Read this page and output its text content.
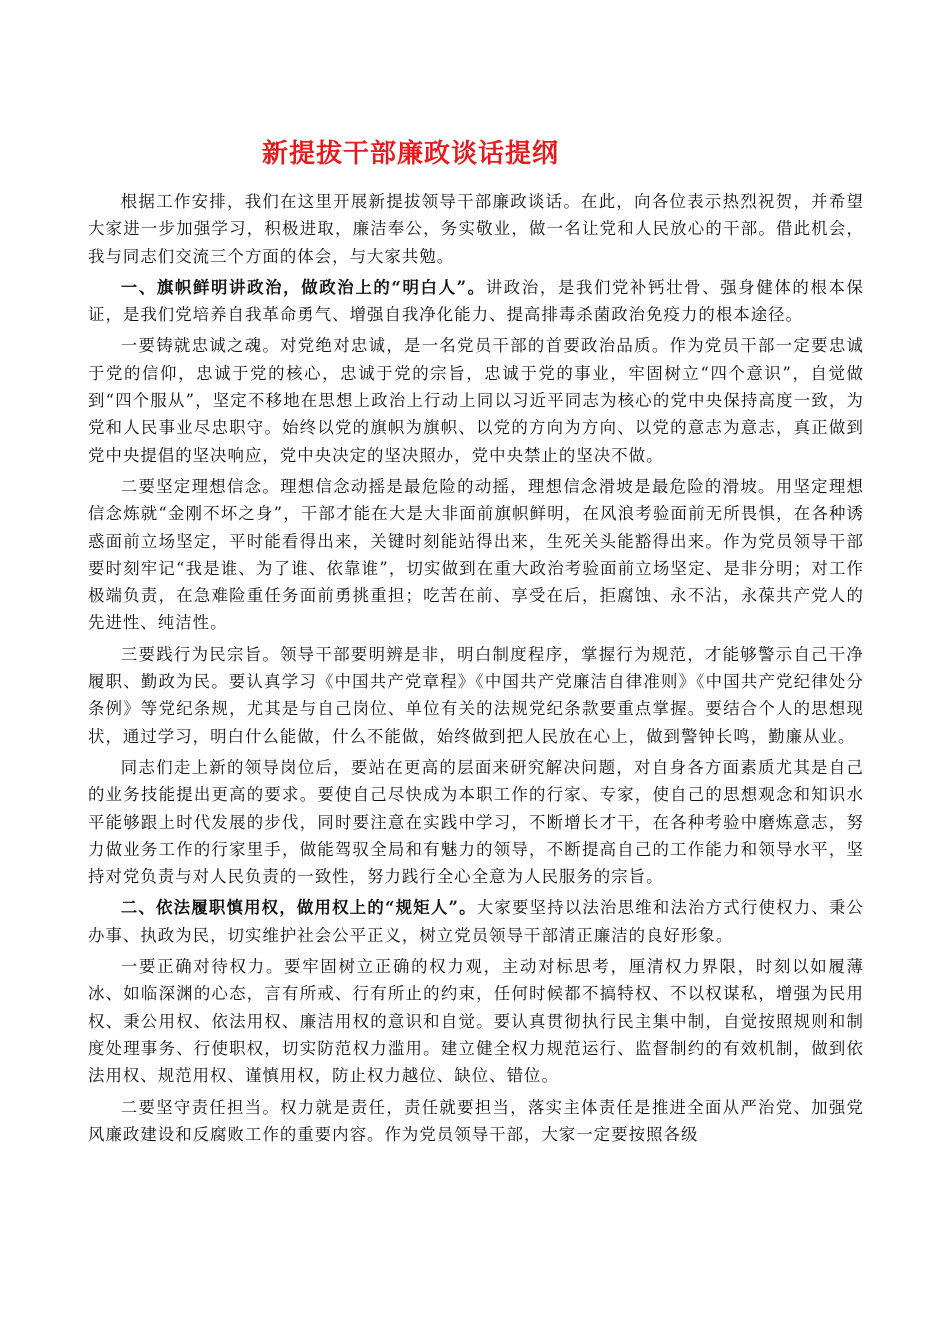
新提拔干部廉政谈话提纲

根据工作安排，我们在这里开展新提拔领导干部廉政谈话。在此，向各位表示热烈祝贺，并希望大家进一步加强学习，积极进取，廉洁奉公，务实敬业，做一名让党和人民放心的干部。借此机会，我与同志们交流三个方面的体会，与大家共勉。

一、旗帜鲜明讲政治，做政治上的“明白人”。讲政治，是我们党补钙壮骨、强身健体的根本保证，是我们党培养自我革命勇气、增强自我净化能力、提高排毒杀菌政治免疫力的根本途径。

一要铸就忠诚之魂。对党绝对忠诚，是一名党员干部的首要政治品质。作为党员干部一定要忠诚于党的信仰，忠诚于党的核心，忠诚于党的宗旨，忠诚于党的事业，牢固树立“四个意识”，自觉做到“四个服从”，坚定不移地在思想上政治上行动上同以习近平同志为核心的党中央保持高度一致，为党和人民事业尽忠职守。始终以党的旗帜为旗帜、以党的方向为方向、以党的意志为意志，真正做到党中央提倡的坚决响应，党中央决定的坚决照办，党中央禁止的坚决不做。

二要坚定理想信念。理想信念动摇是最危险的动摇，理想信念滑坡是最危险的滑坡。用坚定理想信念炼就“金刚不坏之身”，干部才能在大是大非面前旗帜鲜明，在风浪考验面前无所畏惧，在各种诱惑面前立场坚定，平时能看得出来，关键时刻能站得出来，生死关头能豁得出来。作为党员领导干部要时刻牢记“我是谁、为了谁、依靠谁”，切实做到在重大政治考验面前立场坚定、是非分明；对工作极端负责，在急难险重任务面前勇挑重担；吃苦在前、享受在后，拒腐蚀、永不沾，永葆共产党人的先进性、纯洁性。

三要践行为民宗旨。领导干部要明辨是非，明白制度程序，掌握行为规范，才能够警示自己干净履职、勤政为民。要认真学习《中国共产党章程》《中国共产党廉洁自律准则》《中国共产党纪律处分条例》等党纪条规，尤其是与自己岗位、单位有关的法规党纪条款要重点掌握。要结合个人的思想现状，通过学习，明白什么能做，什么不能做，始终做到把人民放在心上，做到警钟长鸣，勤廉从业。

同志们走上新的领导岗位后，要站在更高的层面来研究解决问题，对自身各方面素质尤其是自己的业务技能提出更高的要求。要使自己尽快成为本职工作的行家、专家，使自己的思想观念和知识水平能够跟上时代发展的步伐，同时要注意在实践中学习，不断增长才干，在各种考验中磨炼意志，努力做业务工作的行家里手，做能驾驭全局和有魅力的领导，不断提高自己的工作能力和领导水平，坚持对党负责与对人民负责的一致性，努力践行全心全意为人民服务的宗旨。

二、依法履职慎用权，做用权上的“规矩人”。大家要坚持以法治思维和法治方式行使权力、秉公办事、执政为民，切实维护社会公平正义，树立党员领导干部清正廉洁的良好形象。

一要正确对待权力。要牢固树立正确的权力观，主动对标思考，厘清权力界限，时刻以如履薄冰、如临深渊的心态，言有所戒、行有所止的约束，任何时候都不搞特权、不以权谋私，增强为民用权、秉公用权、依法用权、廉洁用权的意识和自觉。要认真贯彻执行民主集中制，自觉按照规则和制度处理事务、行使职权，切实防范权力滥用。建立健全权力规范运行、监督制约的有效机制，做到依法用权、规范用权、谨慎用权，防止权力越位、缺位、错位。

二要坚守责任担当。权力就是责任，责任就要担当，落实主体责任是推进全面从严治党、加强党风廉政建设和反腐败工作的重要内容。作为党员领导干部，大家一定要按照各级
